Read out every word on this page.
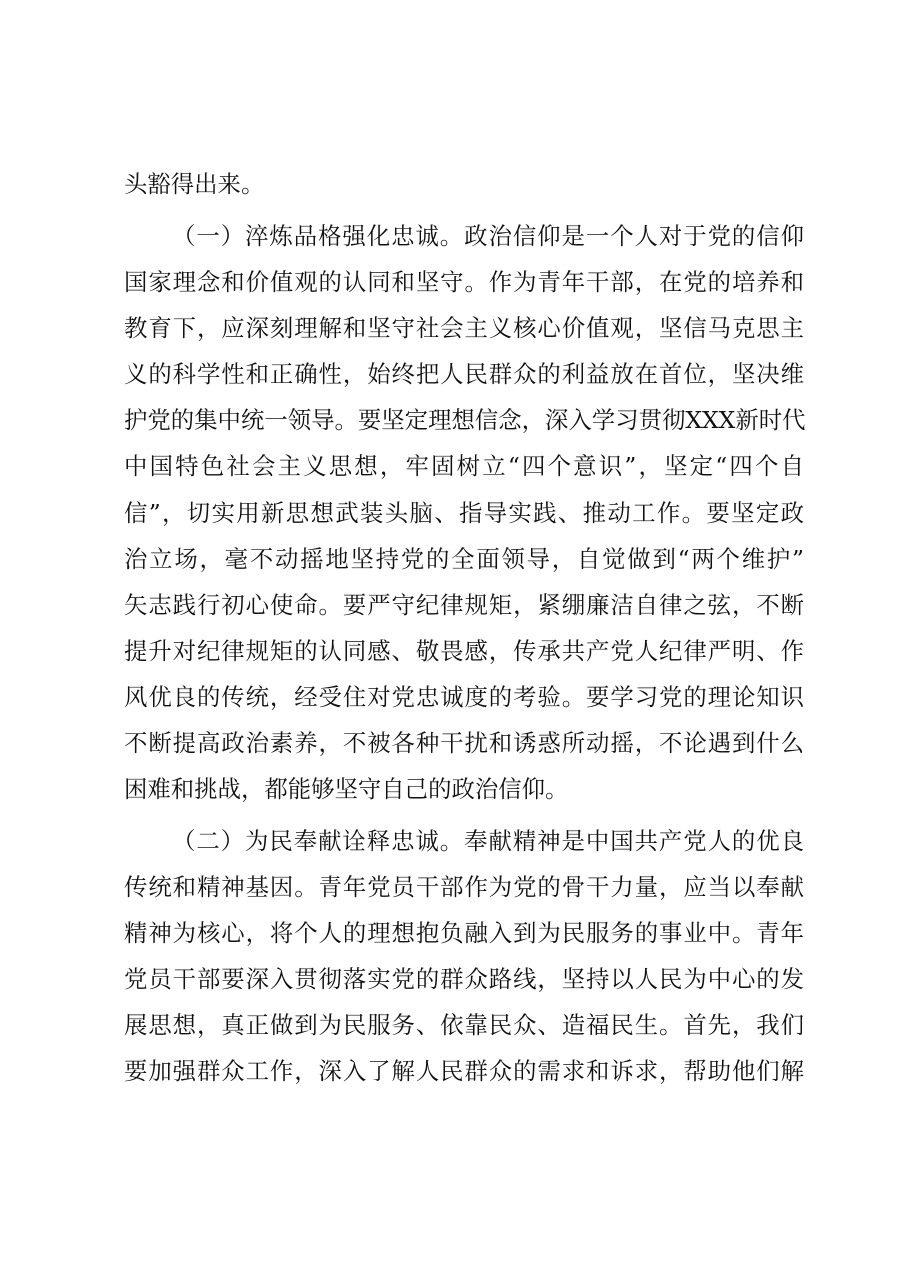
头豁得出来。
（一）淬炼品格强化忠诚。政治信仰是一个人对于党的信仰
国家理念和价值观的认同和坚守。作为青年干部，在党的培养和
教育下，应深刻理解和坚守社会主义核心价值观，坚信马克思主
义的科学性和正确性，始终把人民群众的利益放在首位，坚决维
护党的集中统一领导。要坚定理想信念，深入学习贯彻XXX新时代
中国特色社会主义思想，牢固树立“四个意识”，坚定“四个自
信”，切实用新思想武装头脑、指导实践、推动工作。要坚定政
治立场，毫不动摇地坚持党的全面领导，自觉做到“两个维护”
矢志践行初心使命。要严守纪律规矩，紧绷廉洁自律之弦，不断
提升对纪律规矩的认同感、敬畏感，传承共产党人纪律严明、作
风优良的传统，经受住对党忠诚度的考验。要学习党的理论知识
不断提高政治素养，不被各种干扰和诱惑所动摇，不论遇到什么
困难和挑战，都能够坚守自己的政治信仰。
（二）为民奉献诠释忠诚。奉献精神是中国共产党人的优良
传统和精神基因。青年党员干部作为党的骨干力量，应当以奉献
精神为核心，将个人的理想抱负融入到为民服务的事业中。青年
党员干部要深入贯彻落实党的群众路线，坚持以人民为中心的发
展思想，真正做到为民服务、依靠民众、造福民生。首先，我们
要加强群众工作，深入了解人民群众的需求和诉求，帮助他们解
